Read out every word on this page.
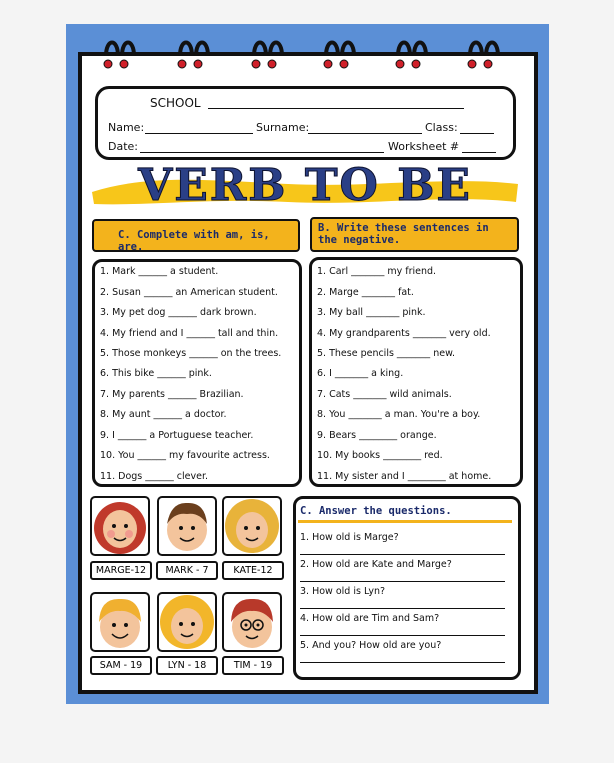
SCHOOL
Name:	Surname:	Class:
Date:	Worksheet #
VERB TO BE
C. Complete with am, is, are.
B. Write these sentences in the negative.
1. Mark ______ a student.
2. Susan ______ an American student.
3. My pet dog ______ dark brown.
4. My friend and I ______ tall and thin.
5. Those monkeys ______ on the trees.
6. This bike ______ pink.
7. My parents ______ Brazilian.
8. My aunt ______ a doctor.
9. I ______ a Portuguese teacher.
10. You ______ my favourite actress.
11. Dogs ______ clever.
1. Carl _______ my friend.
2. Marge _______ fat.
3. My ball _______ pink.
4. My grandparents _______ very old.
5. These pencils _______ new.
6. I _______ a king.
7. Cats _______ wild animals.
8. You _______ a man. You're a boy.
9. Bears ________ orange.
10. My books ________ red.
11. My sister and I ________ at home.
MARGE-12	MARK - 7	KATE-12
SAM - 19	LYN - 18	TIM - 19
C. Answer the questions.
1. How old is Marge?
2. How old are Kate and Marge?
3. How old is Lyn?
4. How old are Tim and Sam?
5. And you? How old are you?
